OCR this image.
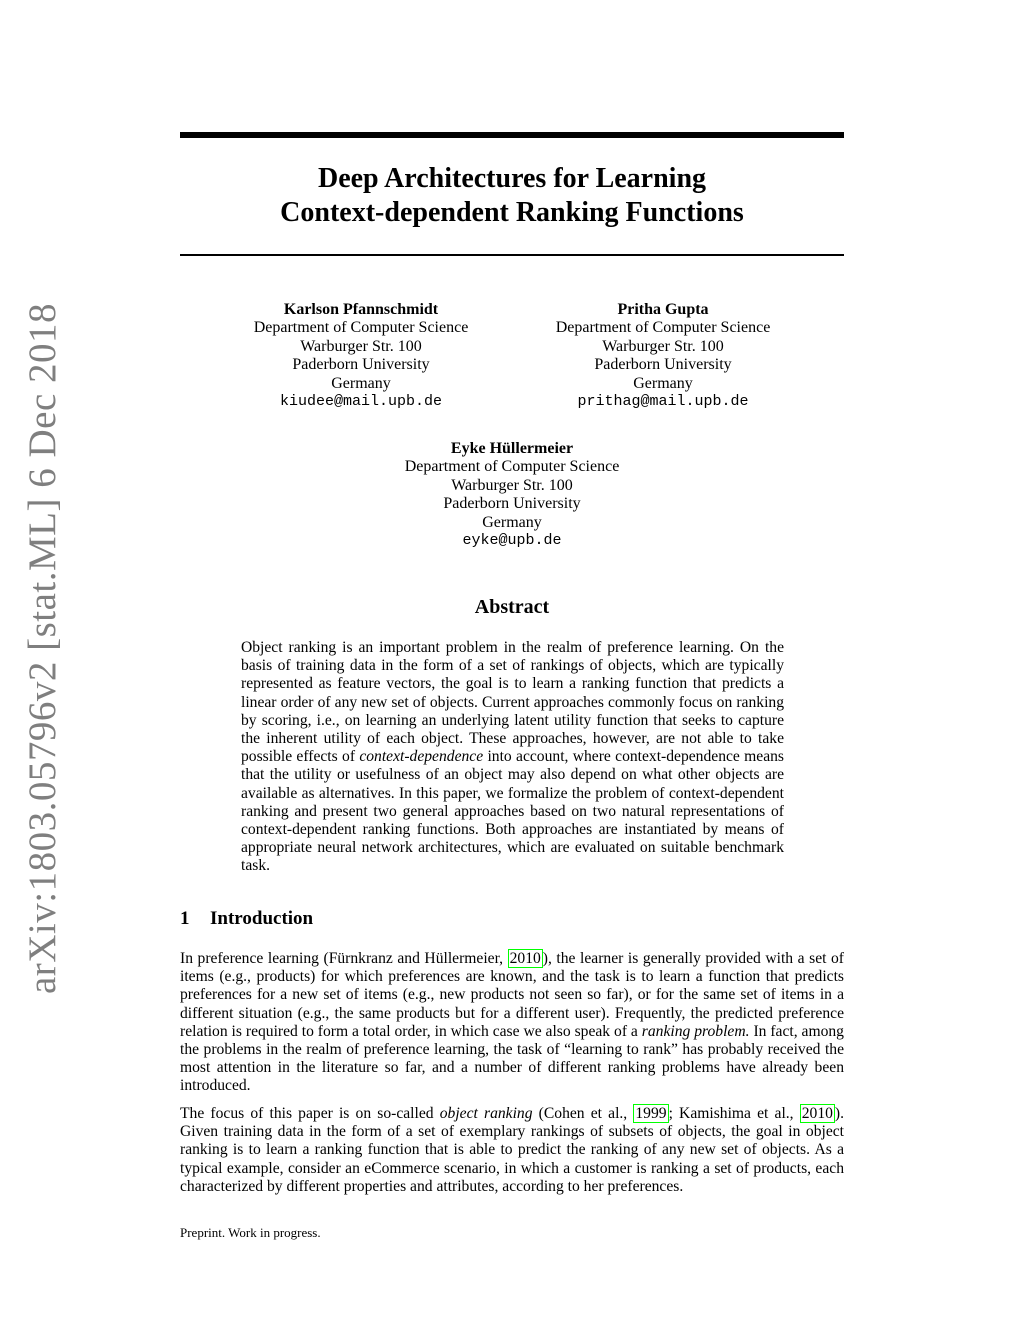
arXiv:1803.05796v2 [stat.ML] 6 Dec 2018
Deep Architectures for Learning
Context-dependent Ranking Functions
Karlson Pfannschmidt
Department of Computer Science
Warburger Str. 100
Paderborn University
Germany
kiudee@mail.upb.de
Pritha Gupta
Department of Computer Science
Warburger Str. 100
Paderborn University
Germany
prithag@mail.upb.de
Eyke Hüllermeier
Department of Computer Science
Warburger Str. 100
Paderborn University
Germany
eyke@upb.de
Abstract

Object ranking is an important problem in the realm of preference learning. On the basis of training data in the form of a set of rankings of objects, which are typically represented as feature vectors, the goal is to learn a ranking function that predicts a linear order of any new set of objects. Current approaches commonly focus on ranking by scoring, i.e., on learning an underlying latent utility function that seeks to capture the inherent utility of each object. These approaches, however, are not able to take possible effects of context-dependence into account, where context-dependence means that the utility or usefulness of an object may also depend on what other objects are available as alternatives. In this paper, we formalize the problem of context-dependent ranking and present two general approaches based on two natural representations of context-dependent ranking functions. Both approaches are instantiated by means of appropriate neural network architectures, which are evaluated on suitable benchmark task.

1 Introduction

In preference learning (Fürnkranz and Hüllermeier, 2010 ), the learner is generally provided with a set of items (e.g., products) for which preferences are known, and the task is to learn a function that predicts preferences for a new set of items (e.g., new products not seen so far), or for the same set of items in a different situation (e.g., the same products but for a different user). Frequently, the predicted preference relation is required to form a total order, in which case we also speak of a ranking problem. In fact, among the problems in the realm of preference learning, the task of “learning to rank” has probably received the most attention in the literature so far, and a number of different ranking problems have already been introduced.

The focus of this paper is on so-called object ranking (Cohen et al., 1999 ; Kamishima et al., 2010 ). Given training data in the form of a set of exemplary rankings of subsets of objects, the goal in object ranking is to learn a ranking function that is able to predict the ranking of any new set of objects. As a typical example, consider an eCommerce scenario, in which a customer is ranking a set of products, each characterized by different properties and attributes, according to her preferences.

Preprint. Work in progress.
